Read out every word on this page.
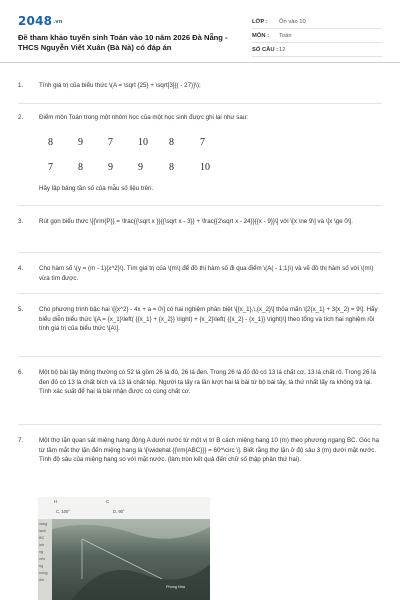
2048.vn
Đề tham khảo tuyển sinh Toán vào 10 năm 2026 Đà Nẵng - THCS Nguyễn Viết Xuân (Bà Nà) có đáp án
LỚP :	Ôn vào 10
MÔN :	Toán
SỐ CÂU : 12
1.	Tính giá trị của biểu thức \(A = \sqrt {25} + \sqrt[3]{( - 27)}\);
2.	Điểm môn Toán trong một nhóm học của một học sinh được ghi lại như sau:
8	9	7	10 8	7
7	8	9	9	8	10
Hãy lập bảng tần số của mẫu số liệu trên.
3.	Rút gọn biểu thức \[{\rm{P}} = \frac{{\sqrt x }}{{\sqrt x - 3}} + \frac{{2\sqrt x - 24}}{{x - 9}}\] với \[x \ne 9\] và \[x \ge 0\].
4.	Cho hàm số \(y = (m - 1){x^2}\). Tìm giá trị của \(m\) để đồ thị hàm số đi qua điểm \(A( - 1;1)\) và vẽ đồ thị hàm số với \(m\) vừa tìm được.
5.	Cho phương trình bậc hai \[{x^2} - 4x + a = 0\] có hai nghiệm phân biệt \[{x_1},\,{x_2}\] thỏa mãn \[2{x_1} + 3{x_2} = 9\]. Hãy biểu diễn biểu thức \[A = {x_1}\left( {{x_1} + {x_2}} \right) + {x_2}\left( {{x_2} - {x_1}} \right)\] theo tổng và tích hai nghiệm rồi tính giá trị của biểu thức \[A\].
6.	Một bộ bài tây thông thường có 52 lá gồm 26 lá đỏ, 26 lá đen. Trong 26 lá đỏ đỏ có 13 lá chất cơ, 13 lá chất rô. Trong 26 lá đen đỏ có 13 lá chất bích và 13 lá chất tép. Người ta lấy ra lần lượt hai lá bài từ bộ bài tây, lá thứ nhất lấy ra không trả lại. Tính xác suất để hai lá bài nhận được có cùng chất cơ.
7.	Một thợ lặn quan sát miệng hang động A dưới nước từ một vị trí B cách miệng hang 10 (m) theo phương ngang BC. Góc hạ từ tầm mắt thợ lặn đến miệng hang là \[\widehat {{\rm{ABC}}} = 60^\circ \]. Biết rằng thợ lặn ở độ sâu 3 (m) dưới mặt nước. Tính độ sâu của miệng hang so với mặt nước. (làm tròn kết quả đến chữ số thập phân thứ hai).
H	C
C. 100°	D. 90°
vàng
lách
BC
ịnh
ng
xến
ng
nóng
ốm
Phong Nha
